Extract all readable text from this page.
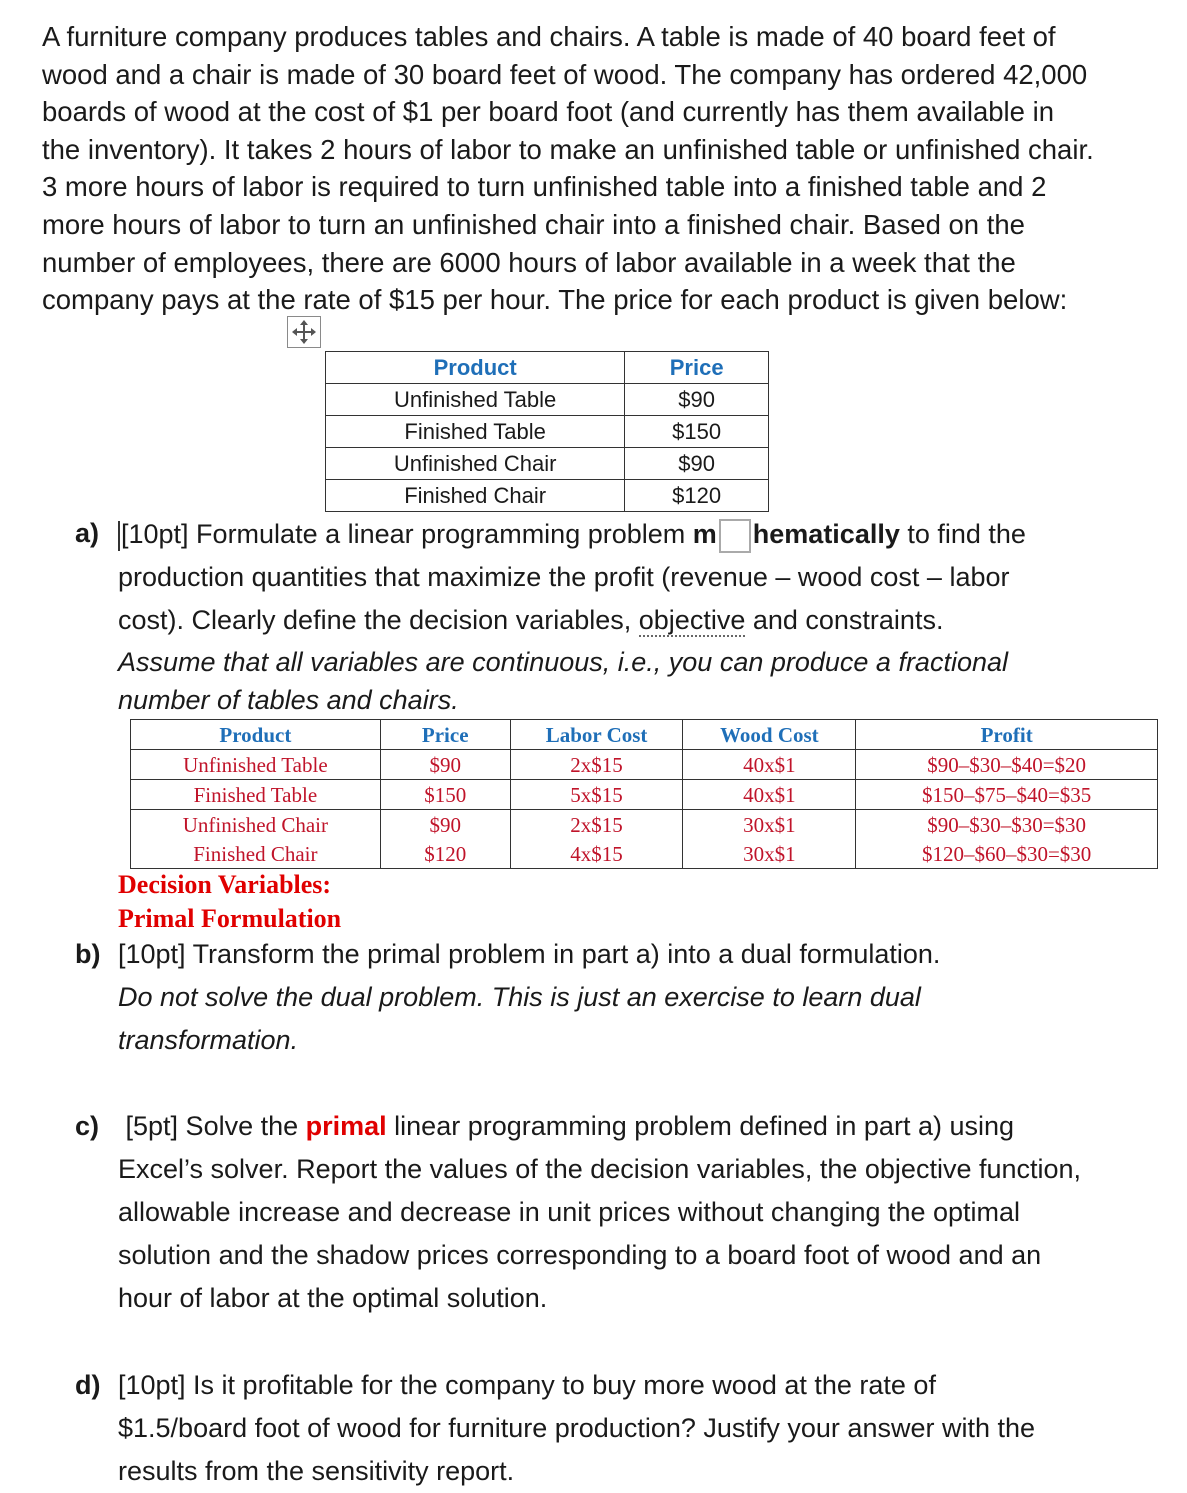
A furniture company produces tables and chairs. A table is made of 40 board feet of

wood and a chair is made of 30 board feet of wood. The company has ordered 42,000

boards of wood at the cost of $1 per board foot (and currently has them available in

the inventory). It takes 2 hours of labor to make an unfinished table or unfinished chair.

3 more hours of labor is required to turn unfinished table into a finished table and 2

more hours of labor to turn an unfinished chair into a finished chair. Based on the

number of employees, there are 6000 hours of labor available in a week that the

company pays at the rate of $15 per hour. The price for each product is given below:

Product	Price
Unfinished Table	$90
Finished Table	$150
Unfinished Chair	$90
Finished Chair	$120
a) [10pt] Formulate a linear programming problem m hematically to find the
production quantities that maximize the profit (revenue – wood cost – labor
cost). Clearly define the decision variables, objective and constraints.
Assume that all variables are continuous, i.e., you can produce a fractional
number of tables and chairs.
Product	Price	Labor Cost	Wood Cost	Profit
Unfinished Table	$90	2x$15	40x$1	$90–$30–$40=$20
Finished Table	$150	5x$15	40x$1	$150–$75–$40=$35
Unfinished Chair	$90	2x$15	30x$1	$90–$30–$30=$30
Finished Chair	$120	4x$15	30x$1	$120–$60–$30=$30
Decision Variables:
Primal Formulation
b) [10pt] Transform the primal problem in part a) into a dual formulation.
Do not solve the dual problem. This is just an exercise to learn dual
transformation.
c) [5pt] Solve the primal linear programming problem defined in part a) using
Excel’s solver. Report the values of the decision variables, the objective function,
allowable increase and decrease in unit prices without changing the optimal
solution and the shadow prices corresponding to a board foot of wood and an
hour of labor at the optimal solution.
d) [10pt] Is it profitable for the company to buy more wood at the rate of
$1.5/board foot of wood for furniture production? Justify your answer with the
results from the sensitivity report.
